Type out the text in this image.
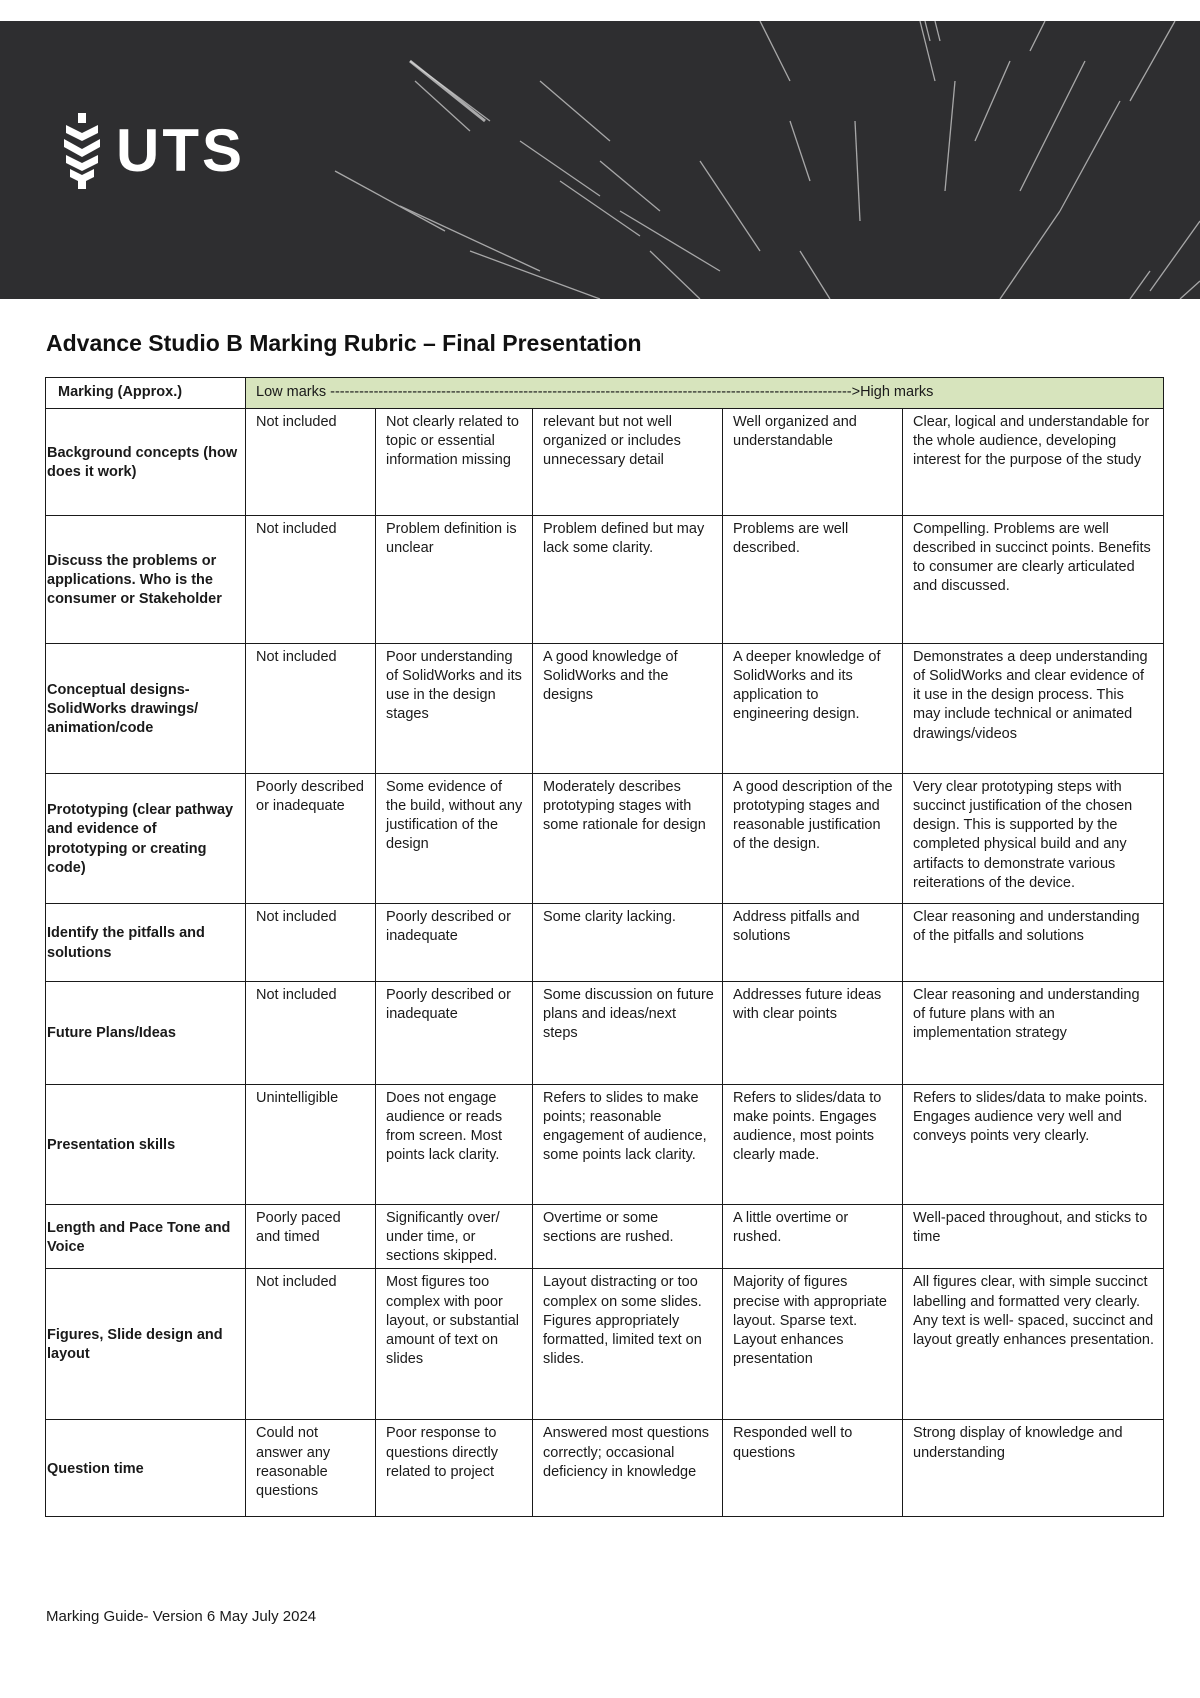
UTS
Advance Studio B Marking Rubric – Final Presentation
Marking (Approx.)	Low marks ------------------------------------------------------------------------------------------------------------>High marks				
Background concepts (how does it work)	Not included	Not clearly related to topic or essential information missing	relevant but not well organized or includes unnecessary detail	Well organized and understandable	Clear, logical and understandable for the whole audience, developing interest for the purpose of the study
Discuss the problems or applications. Who is the consumer or Stakeholder	Not included	Problem definition is unclear	Problem defined but may lack some clarity.	Problems are well described.	Compelling. Problems are well described in succinct points. Benefits to consumer are clearly articulated and discussed.
Conceptual designs- SolidWorks drawings/ animation/code	Not included	Poor understanding of SolidWorks and its use in the design stages	A good knowledge of SolidWorks and the designs	A deeper knowledge of SolidWorks and its application to engineering design.	Demonstrates a deep understanding of SolidWorks and clear evidence of it use in the design process. This may include technical or animated drawings/videos
Prototyping (clear pathway and evidence of prototyping or creating code)	Poorly described or inadequate	Some evidence of the build, without any justification of the design	Moderately describes prototyping stages with some rationale for design	A good description of the prototyping stages and reasonable justification of the design.	Very clear prototyping steps with succinct justification of the chosen design. This is supported by the completed physical build and any artifacts to demonstrate various reiterations of the device.
Identify the pitfalls and solutions	Not included	Poorly described or inadequate	Some clarity lacking.	Address pitfalls and solutions	Clear reasoning and understanding of the pitfalls and solutions
Future Plans/Ideas	Not included	Poorly described or inadequate	Some discussion on future plans and ideas/next steps	Addresses future ideas with clear points	Clear reasoning and understanding of future plans with an implementation strategy
Presentation skills	Unintelligible	Does not engage audience or reads from screen. Most points lack clarity.	Refers to slides to make points; reasonable engagement of audience, some points lack clarity.	Refers to slides/data to make points. Engages audience, most points clearly made.	Refers to slides/data to make points. Engages audience very well and conveys points very clearly.
Length and Pace Tone and Voice	Poorly paced and timed	Significantly over/ under time, or sections skipped.	Overtime or some sections are rushed.	A little overtime or rushed.	Well-paced throughout, and sticks to time
Figures, Slide design and layout	Not included	Most figures too complex with poor layout, or substantial amount of text on slides	Layout distracting or too complex on some slides. Figures appropriately formatted, limited text on slides.	Majority of figures precise with appropriate layout. Sparse text. Layout enhances presentation	All figures clear, with simple succinct labelling and formatted very clearly. Any text is well- spaced, succinct and layout greatly enhances presentation.
Question time	Could not answer any reasonable questions	Poor response to questions directly related to project	Answered most questions correctly; occasional deficiency in knowledge	Responded well to questions	Strong display of knowledge and understanding
Marking Guide- Version 6 May July 2024
